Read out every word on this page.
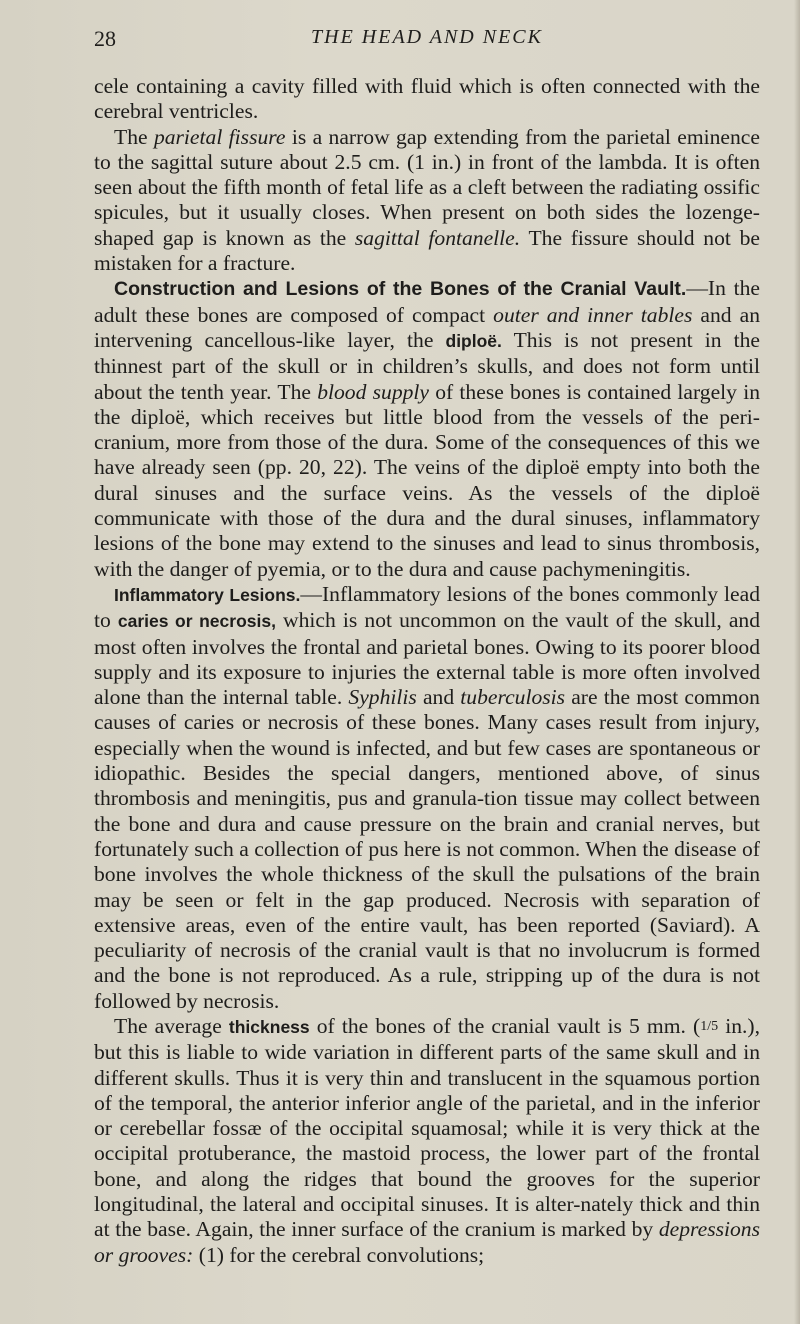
28	THE HEAD AND NECK

cele containing a cavity filled with fluid which is often connected with the cerebral ventricles.

The parietal fissure is a narrow gap extending from the parietal eminence to the sagittal suture about 2.5 cm. (1 in.) in front of the lambda. It is often seen about the fifth month of fetal life as a cleft between the radiating ossific spicules, but it usually closes. When present on both sides the lozenge-shaped gap is known as the sagittal fontanelle. The fissure should not be mistaken for a fracture.

Construction and Lesions of the Bones of the Cranial Vault.—In the adult these bones are composed of compact outer and inner tables and an intervening cancellous-like layer, the diploë. This is not present in the thinnest part of the skull or in children’s skulls, and does not form until about the tenth year. The blood supply of these bones is contained largely in the diploë, which receives but little blood from the vessels of the peri-cranium, more from those of the dura. Some of the consequences of this we have already seen (pp. 20, 22). The veins of the diploë empty into both the dural sinuses and the surface veins. As the vessels of the diploë communicate with those of the dura and the dural sinuses, inflammatory lesions of the bone may extend to the sinuses and lead to sinus thrombosis, with the danger of pyemia, or to the dura and cause pachymeningitis.

Inflammatory Lesions.—Inflammatory lesions of the bones commonly lead to caries or necrosis, which is not uncommon on the vault of the skull, and most often involves the frontal and parietal bones. Owing to its poorer blood supply and its exposure to injuries the external table is more often involved alone than the internal table. Syphilis and tuberculosis are the most common causes of caries or necrosis of these bones. Many cases result from injury, especially when the wound is infected, and but few cases are spontaneous or idiopathic. Besides the special dangers, mentioned above, of sinus thrombosis and meningitis, pus and granula-tion tissue may collect between the bone and dura and cause pressure on the brain and cranial nerves, but fortunately such a collection of pus here is not common. When the disease of bone involves the whole thickness of the skull the pulsations of the brain may be seen or felt in the gap produced. Necrosis with separation of extensive areas, even of the entire vault, has been reported (Saviard). A peculiarity of necrosis of the cranial vault is that no involucrum is formed and the bone is not reproduced. As a rule, stripping up of the dura is not followed by necrosis.

The average thickness of the bones of the cranial vault is 5 mm. (1/5 in.), but this is liable to wide variation in different parts of the same skull and in different skulls. Thus it is very thin and translucent in the squamous portion of the temporal, the anterior inferior angle of the parietal, and in the inferior or cerebellar fossæ of the occipital squamosal; while it is very thick at the occipital protuberance, the mastoid process, the lower part of the frontal bone, and along the ridges that bound the grooves for the superior longitudinal, the lateral and occipital sinuses. It is alter-nately thick and thin at the base. Again, the inner surface of the cranium is marked by depressions or grooves: (1) for the cerebral convolutions;
